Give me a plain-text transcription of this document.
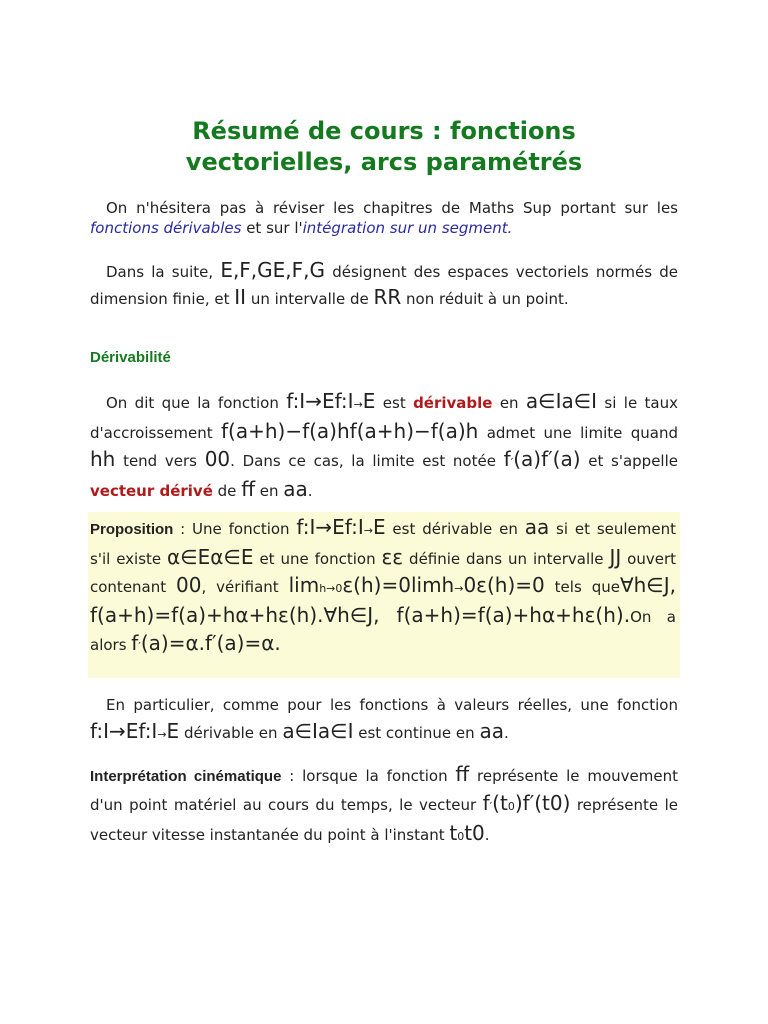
Résumé de cours : fonctions
vectorielles, arcs paramétrés

On n'hésitera pas à réviser les chapitres de Maths Sup portant sur les fonctions dérivables et sur l'intégration sur un segment.

Dans la suite, E,F,GE,F,G désignent des espaces vectoriels normés de dimension finie, et II un intervalle de RR non réduit à un point.

Dérivabilité

On dit que la fonction f:I→Ef:I→E est dérivable en a∈Ia∈I si le taux d'accroissement f(a+h)−f(a)hf(a+h)−f(a)h admet une limite quand hh tend vers 00. Dans ce cas, la limite est notée f′(a)f′(a) et s'appelle vecteur dérivé de ff en aa.

Proposition : Une fonction f:I→Ef:I→E est dérivable en aa si et seulement s'il existe α∈Eα∈E et une fonction εε définie dans un intervalle JJ ouvert contenant 00, vérifiant limh→0ε(h)=0limh→0ε(h)=0 tels que∀h∈J, f(a+h)=f(a)+hα+hε(h).∀h∈J, f(a+h)=f(a)+hα+hε(h).On a alors f′(a)=α.f′(a)=α.

En particulier, comme pour les fonctions à valeurs réelles, une fonction f:I→Ef:I→E dérivable en a∈Ia∈I est continue en aa.

Interprétation cinématique : lorsque la fonction ff représente le mouvement d'un point matériel au cours du temps, le vecteur f′(t0)f′(t0) représente le vecteur vitesse instantanée du point à l'instant t0t0.
